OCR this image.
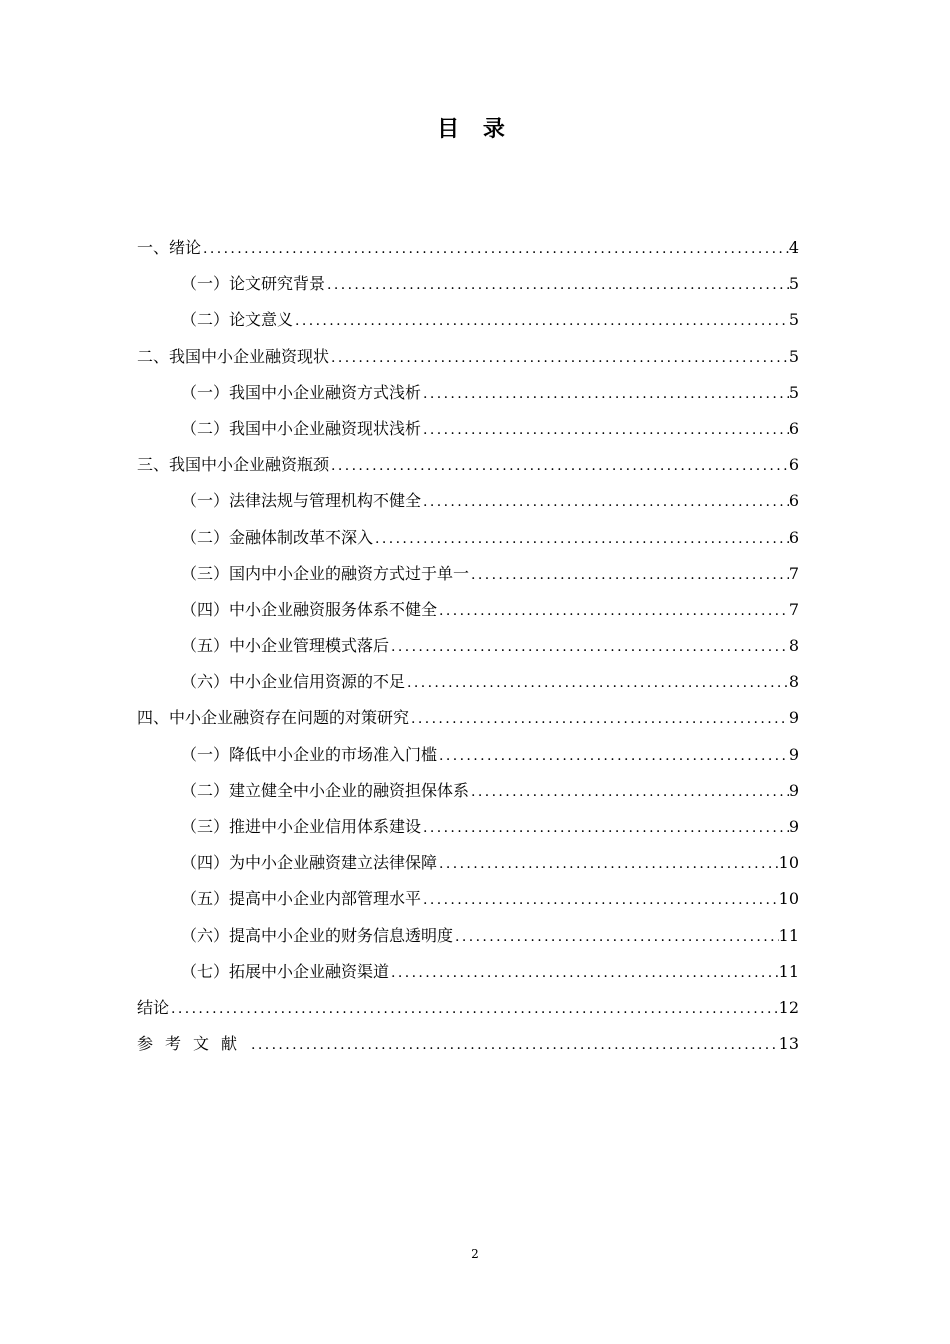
目 录
一、绪论 .....	4
（一）论文研究背景 .....	5
（二）论文意义 .....	5
二、我国中小企业融资现状 .....	5
（一）我国中小企业融资方式浅析 .....	5
（二）我国中小企业融资现状浅析 .....	6
三、我国中小企业融资瓶颈 .....	6
（一）法律法规与管理机构不健全 .....	6
（二）金融体制改革不深入 .....	6
（三）国内中小企业的融资方式过于单一 .....	7
（四）中小企业融资服务体系不健全 .....	7
（五）中小企业管理模式落后 .....	8
（六）中小企业信用资源的不足 .....	8
四、中小企业融资存在问题的对策研究 .....	9
（一）降低中小企业的市场准入门槛 .....	9
（二）建立健全中小企业的融资担保体系 .....	9
（三）推进中小企业信用体系建设 .....	9
（四）为中小企业融资建立法律保障 .....	10
（五）提高中小企业内部管理水平 .....	10
（六）提高中小企业的财务信息透明度 .....	11
（七）拓展中小企业融资渠道 .....	11
结论 .....	12
参考文献 .....	13
2
